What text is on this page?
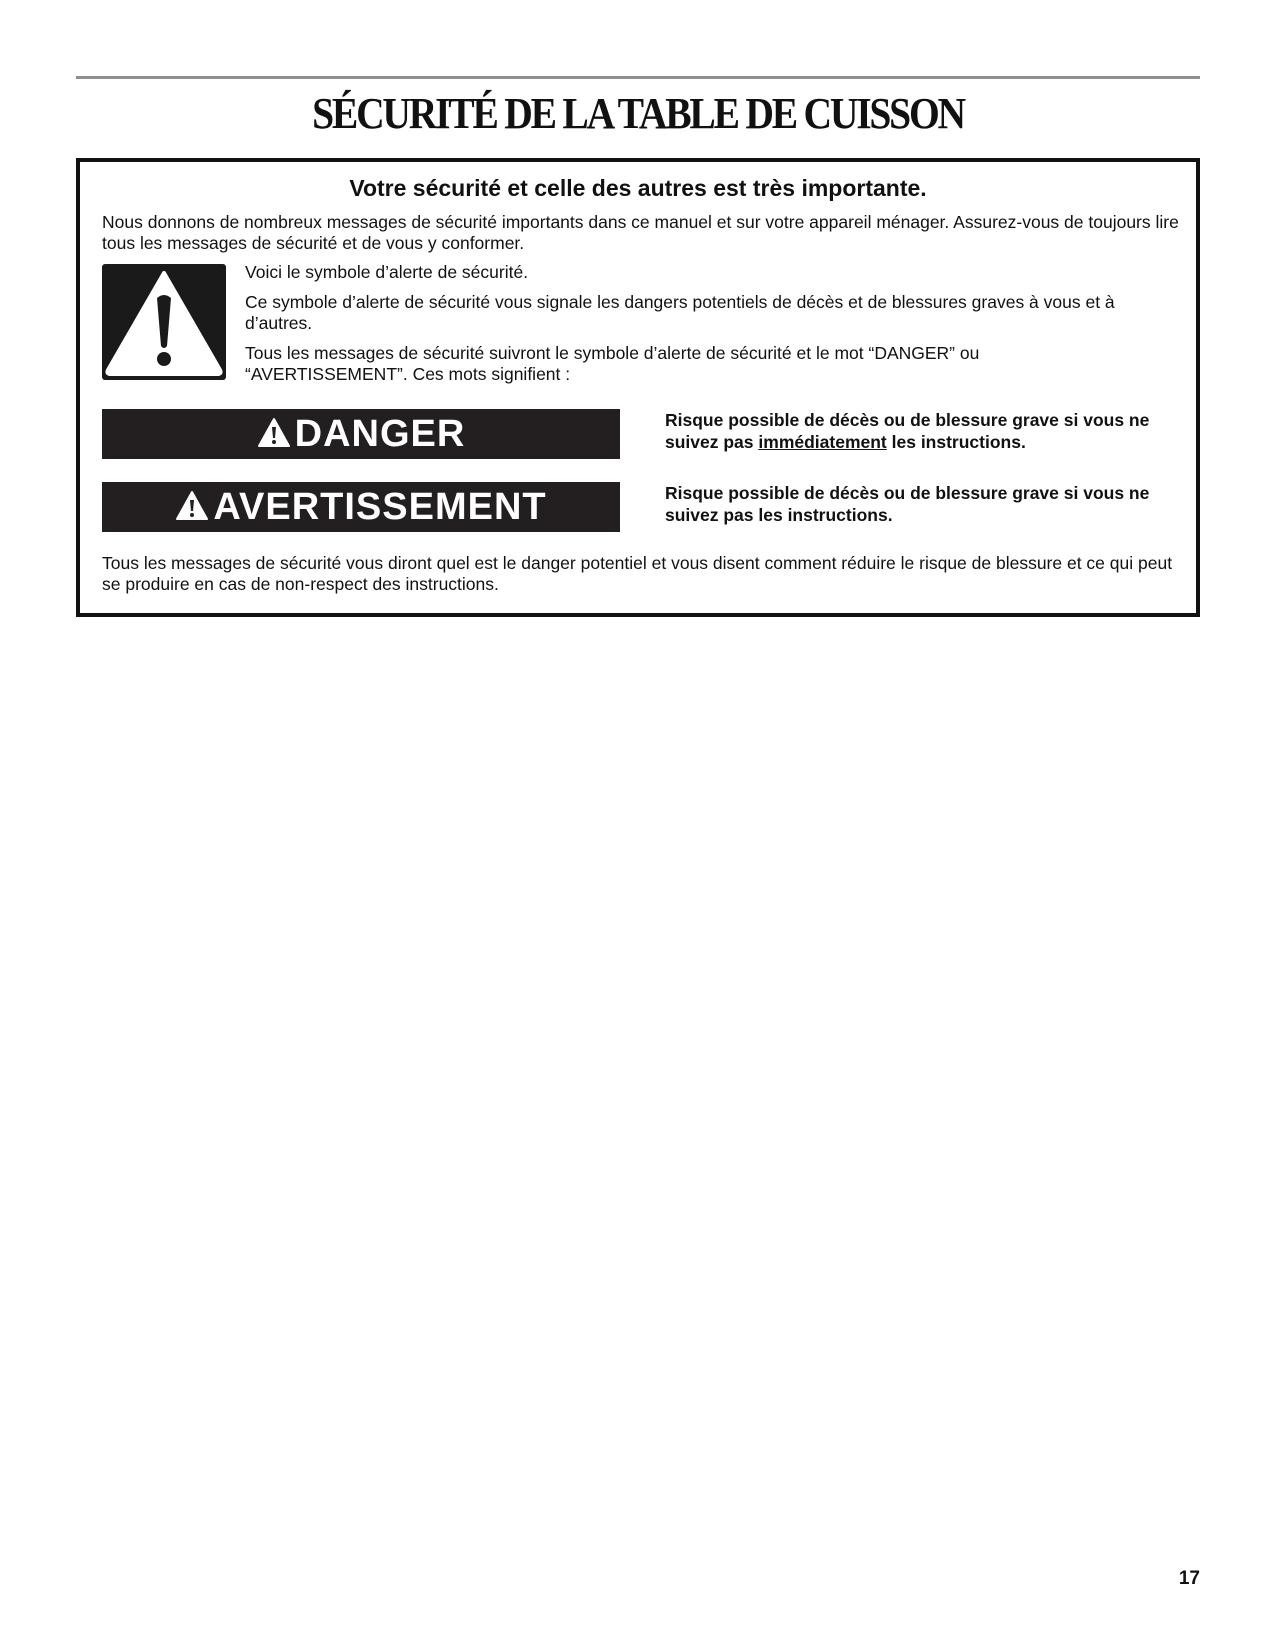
SÉCURITÉ DE LA TABLE DE CUISSON
Votre sécurité et celle des autres est très importante.

Nous donnons de nombreux messages de sécurité importants dans ce manuel et sur votre appareil ménager. Assurez-vous de toujours lire tous les messages de sécurité et de vous y conformer.

Voici le symbole d’alerte de sécurité.

Ce symbole d’alerte de sécurité vous signale les dangers potentiels de décès et de blessures graves à vous et à d’autres.

Tous les messages de sécurité suivront le symbole d’alerte de sécurité et le mot “DANGER” ou “AVERTISSEMENT”. Ces mots signifient :

DANGER	Risque possible de décès ou de blessure grave si vous ne suivez pas immédiatement les instructions.

AVERTISSEMENT	Risque possible de décès ou de blessure grave si vous ne suivez pas les instructions.

Tous les messages de sécurité vous diront quel est le danger potentiel et vous disent comment réduire le risque de blessure et ce qui peut se produire en cas de non-respect des instructions.

17
